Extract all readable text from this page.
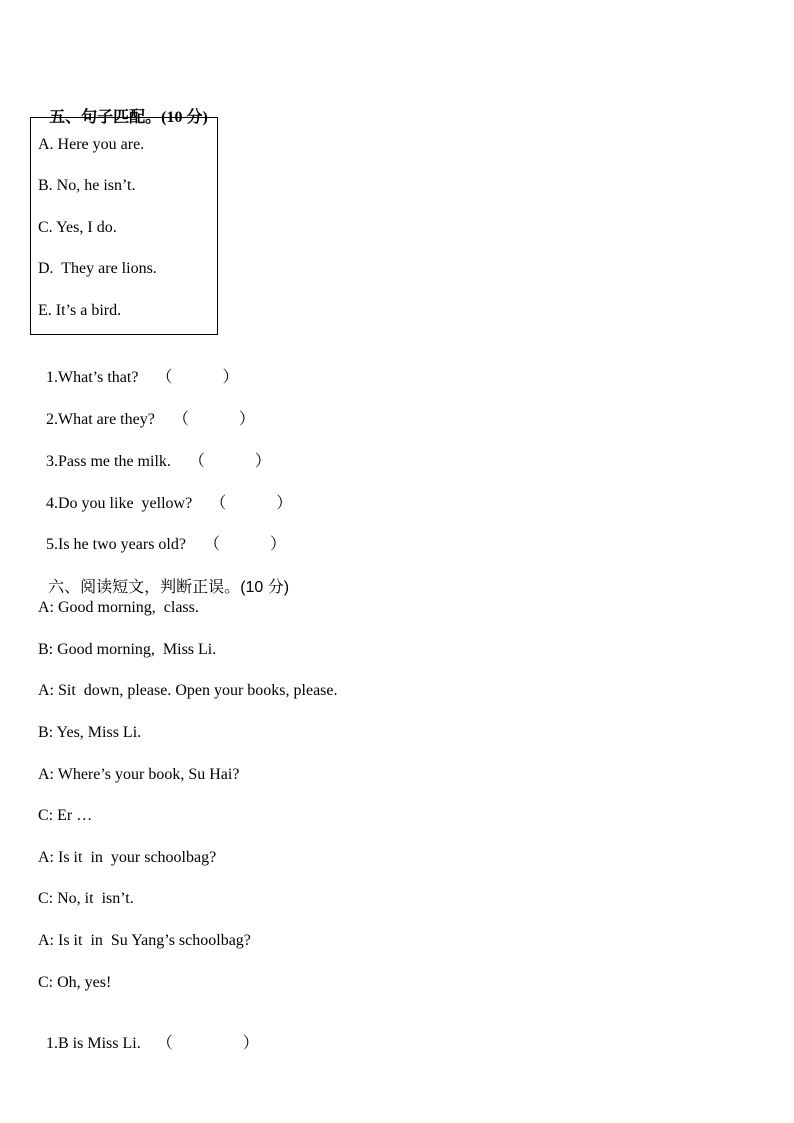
五、句子匹配。(10 分)

A. Here you are.
B. No, he isn’t.
C. Yes, I do.
D.  They are lions.
E. It’s a bird.

1.What’s that? （	）

2.What are they? （	）

3.Pass me the milk. （	）

4.Do you like  yellow? （	）

5.Is he two years old? （	）

六、阅读短文，判断正误。(10 分)

A: Good morning,  class.
B: Good morning,  Miss Li.
A: Sit  down, please. Open your books, please.
B: Yes, Miss Li.
A: Where’s your book, Su Hai?
C: Er …
A: Is it  in  your schoolbag?
C: No, it  isn’t.
A: Is it  in  Su Yang’s schoolbag?
C: Oh, yes!

1.B is Miss Li. （	）
